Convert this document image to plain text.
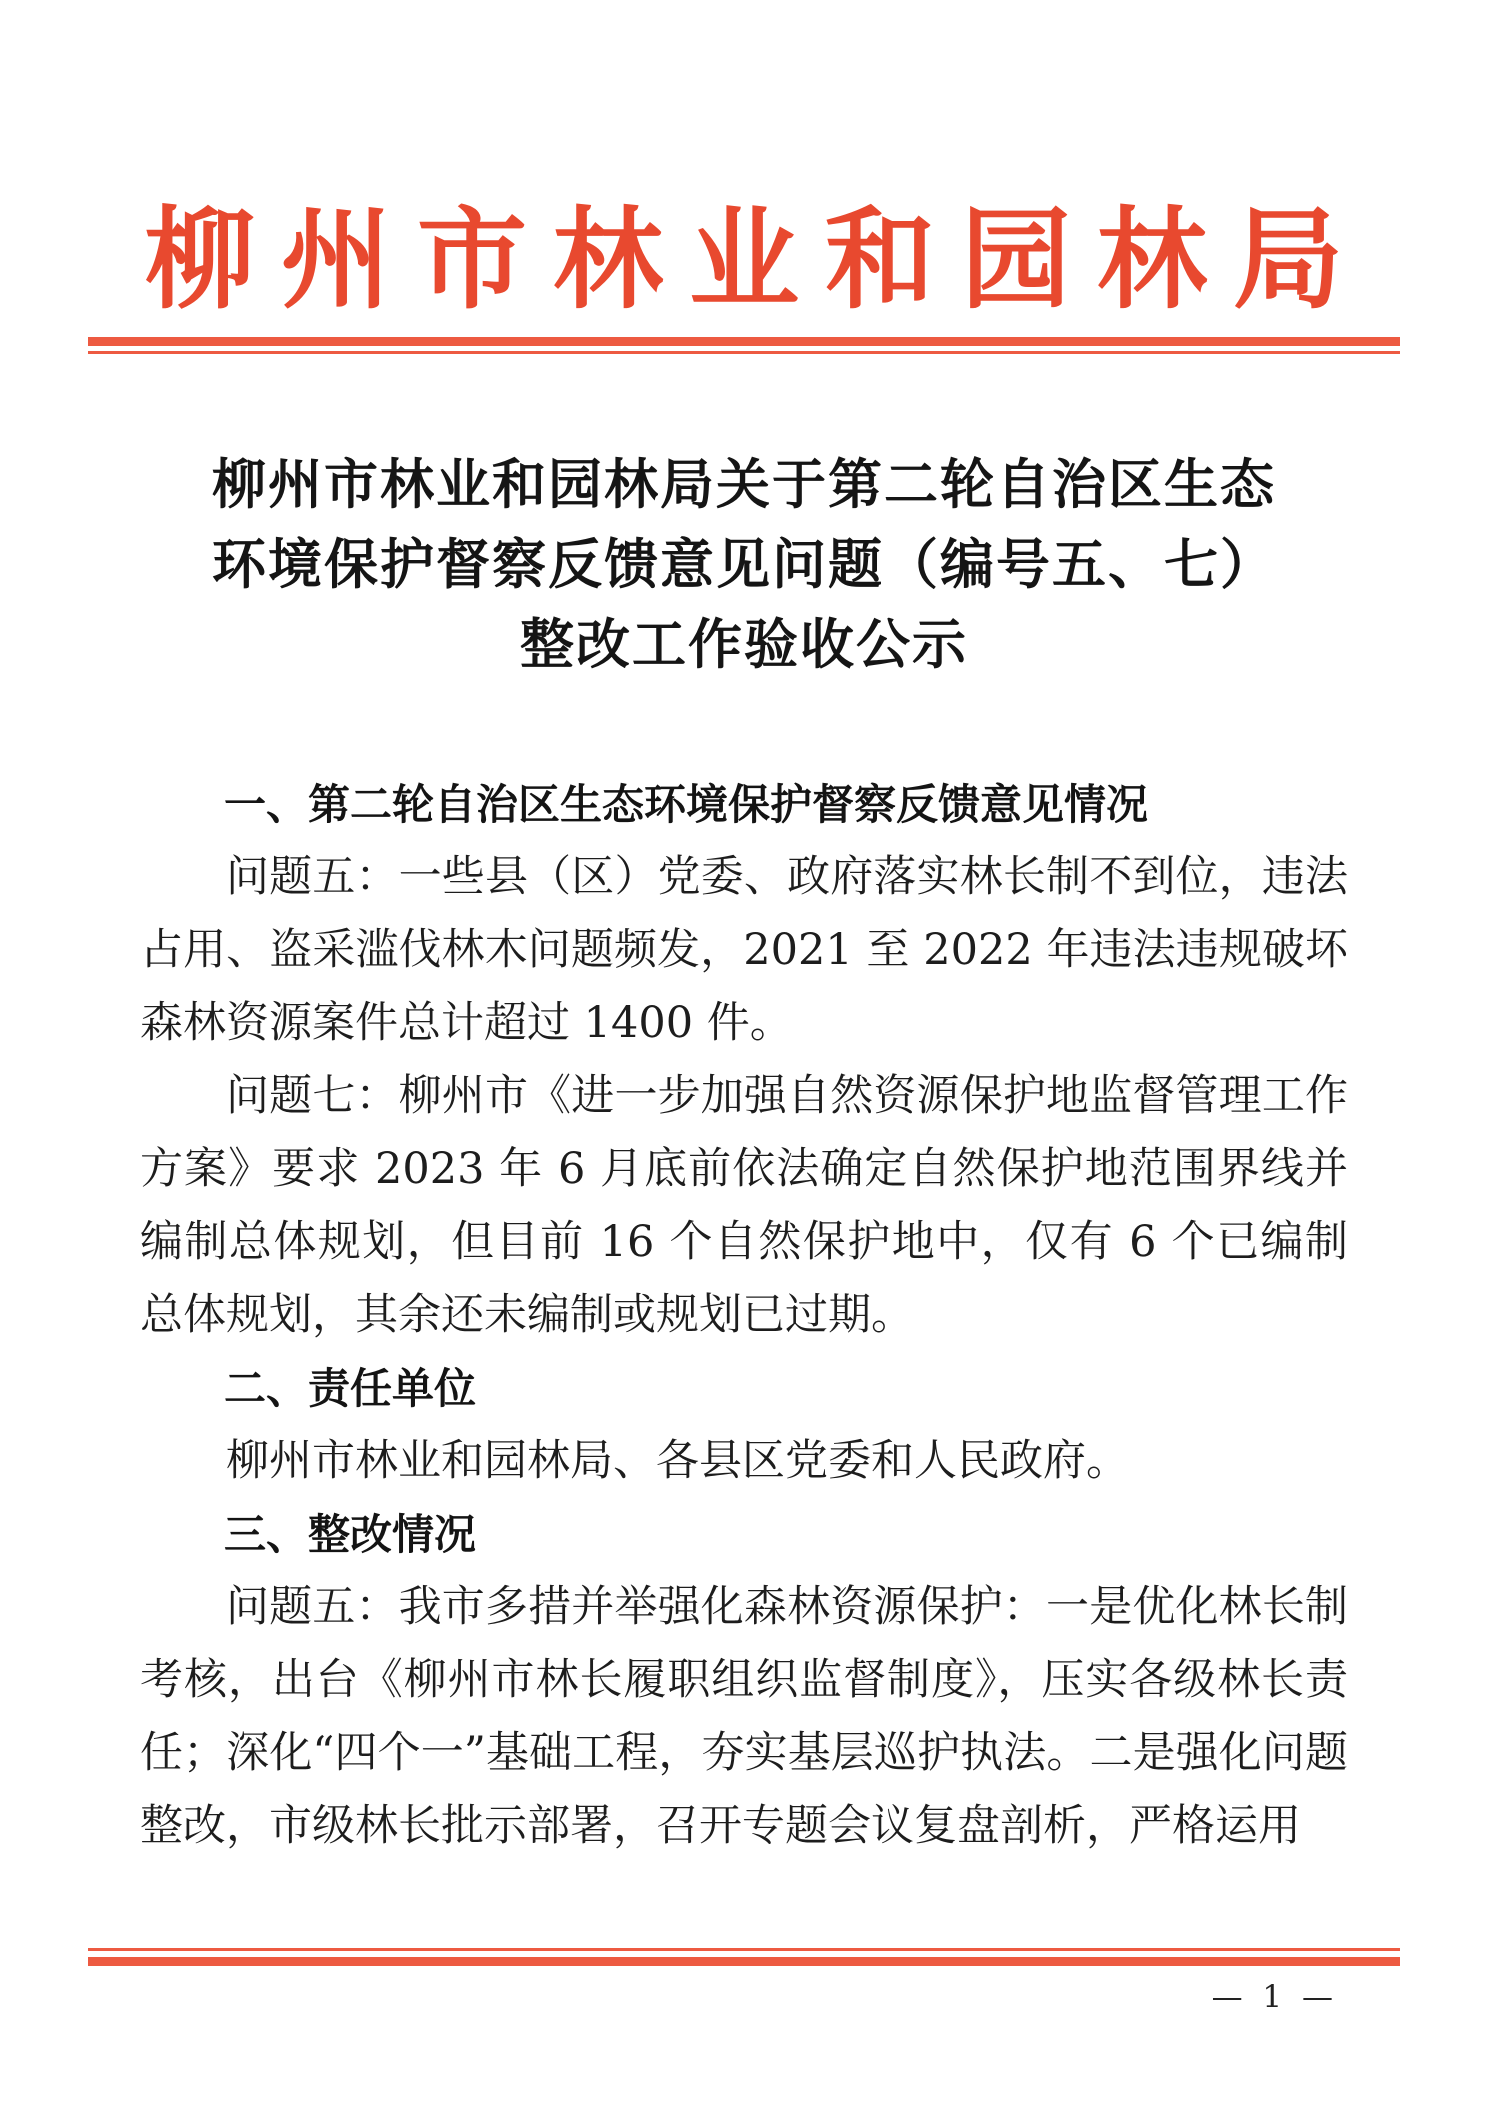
柳州市林业和园林局
柳州市林业和园林局关于第二轮自治区生态
环境保护督察反馈意见问题（编号五、七）
整改工作验收公示
一、第二轮自治区生态环境保护督察反馈意见情况

问题五：一些县（区）党委、政府落实林长制不到位，违法占用、盗采滥伐林木问题频发，2021 至 2022 年违法违规破坏森林资源案件总计超过 1400 件。

问题七：柳州市《进一步加强自然资源保护地监督管理工作方案》要求 2023 年 6 月底前依法确定自然保护地范围界线并编制总体规划，但目前 16 个自然保护地中，仅有 6 个已编制总体规划，其余还未编制或规划已过期。

二、责任单位

柳州市林业和园林局、各县区党委和人民政府。

三、整改情况

问题五：我市多措并举强化森林资源保护：一是优化林长制考核，出台《柳州市林长履职组织监督制度》，压实各级林长责任；深化“四个一”基础工程，夯实基层巡护执法。二是强化问题整改，市级林长批示部署，召开专题会议复盘剖析，严格运用

— 1 —
